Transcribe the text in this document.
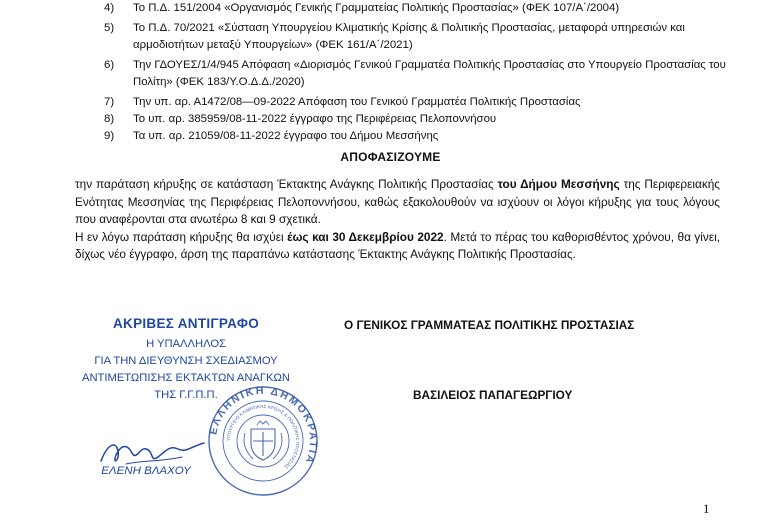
4) Το Π.Δ. 151/2004 «Οργανισμός Γενικής Γραμματείας Πολιτικής Προστασίας» (ΦΕΚ 107/Α΄/2004)
5) Το Π.Δ. 70/2021 «Σύσταση Υπουργείου Κλιματικής Κρίσης & Πολιτικής Προστασίας, μεταφορά υπηρεσιών και αρμοδιοτήτων μεταξύ Υπουργείων» (ΦΕΚ 161/Α΄/2021)
6) Την ΓΔΟΥΕΣ/1/4/945 Απόφαση «Διορισμός Γενικού Γραμματέα Πολιτικής Προστασίας στο Υπουργείο Προστασίας του Πολίτη» (ΦΕΚ 183/Υ.Ο.Δ.Δ./2020)
7) Την υπ. αρ. Α1472/08—09-2022 Απόφαση του Γενικού Γραμματέα Πολιτικής Προστασίας
8) Το υπ. αρ. 385959/08-11-2022 έγγραφο της Περιφέρειας Πελοποννήσου
9) Τα υπ. αρ. 21059/08-11-2022 έγγραφο του Δήμου Μεσσήνης
ΑΠΟΦΑΣΙΖΟΥΜΕ

την παράταση κήρυξης σε κατάσταση Έκτακτης Ανάγκης Πολιτικής Προστασίας του Δήμου Μεσσήνης της Περιφερειακής Ενότητας Μεσσηνίας της Περιφέρειας Πελοποννήσου, καθώς εξακολουθούν να ισχύουν οι λόγοι κήρυξης για τους λόγους που αναφέρονται στα ανωτέρω 8 και 9 σχετικά.

Η εν λόγω παράταση κήρυξης θα ισχύει έως και 30 Δεκεμβρίου 2022. Μετά το πέρας του καθορισθέντος χρόνου, θα γίνει, δίχως νέο έγγραφο, άρση της παραπάνω κατάστασης Έκτακτης Ανάγκης Πολιτικής Προστασίας.

ΑΚΡΙΒΕΣ ΑΝΤΙΓΡΑΦΟ
Η ΥΠΑΛΛΗΛΟΣ
ΓΙΑ ΤΗΝ ΔΙΕΥΘΥΝΣΗ ΣΧΕΔΙΑΣΜΟΥ
ΑΝΤΙΜΕΤΩΠΙΣΗΣ ΕΚΤΑΚΤΩΝ ΑΝΑΓΚΩΝ
ΤΗΣ Γ.Γ.Π.Π.
ΕΛΛΗΝΙΚΗ ΔΗΜΟΚΡΑΤΙΑ
ΥΠΟΥΡΓΕΙΟ ΚΛΙΜΑΤΙΚΗΣ ΚΡΙΣΗΣ & ΠΟΛΙΤΙΚΗΣ ΠΡΟΣΤΑΣΙΑΣ
ΕΛΕΝΗ ΒΛΑΧΟΥ
Ο ΓΕΝΙΚΟΣ ΓΡΑΜΜΑΤΕΑΣ ΠΟΛΙΤΙΚΗΣ ΠΡΟΣΤΑΣΙΑΣ
ΒΑΣΙΛΕΙΟΣ ΠΑΠΑΓΕΩΡΓΙΟΥ
1
